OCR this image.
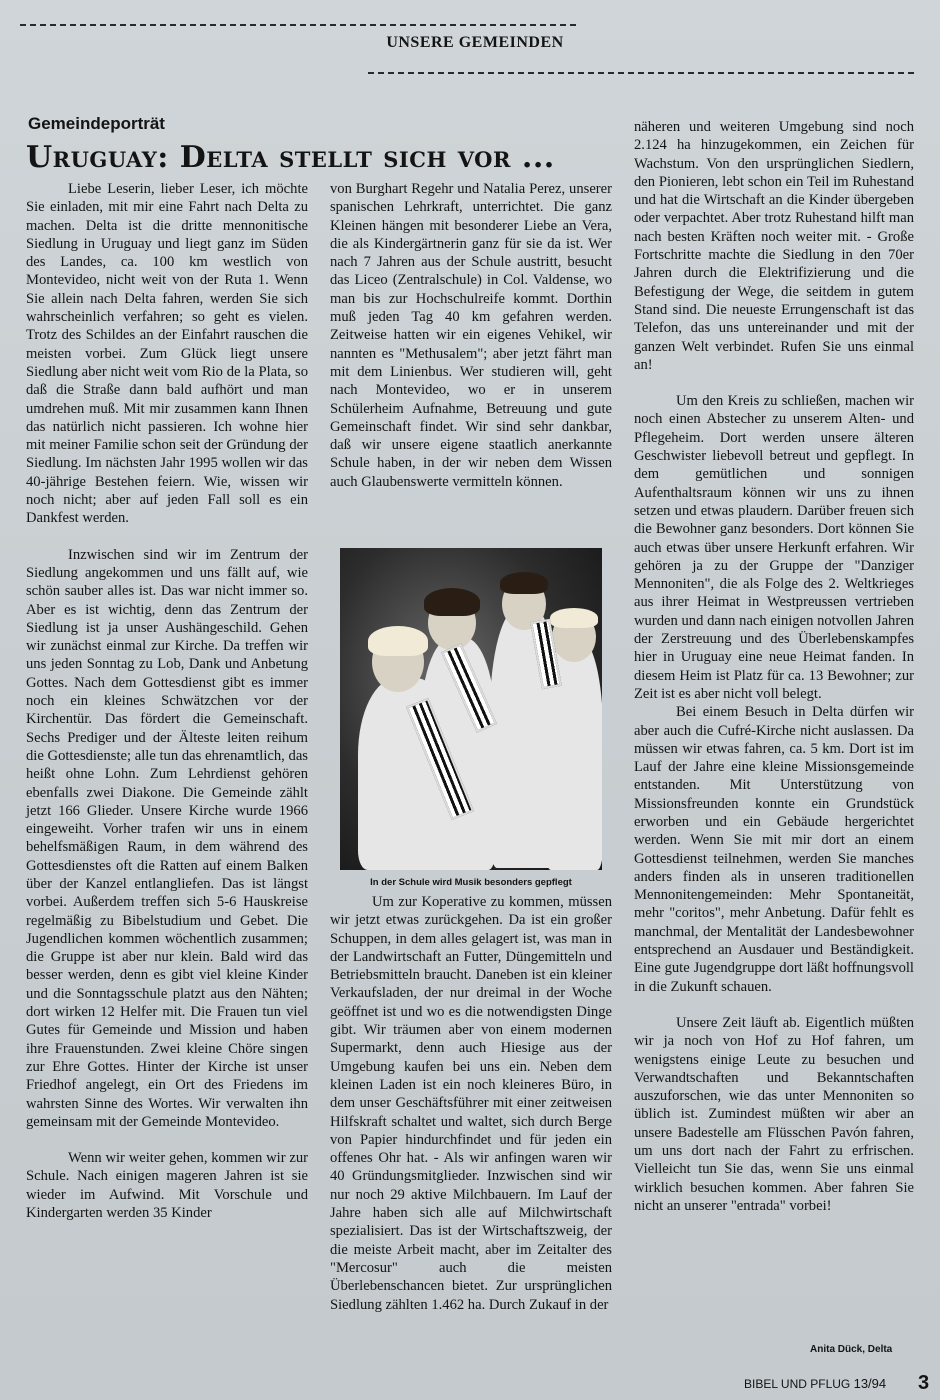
UNSERE GEMEINDEN
Gemeindeporträt
Uruguay: Delta stellt sich vor ...

Liebe Leserin, lieber Leser, ich möchte Sie einladen, mit mir eine Fahrt nach Delta zu machen. Delta ist die dritte mennonitische Siedlung in Uruguay und liegt ganz im Süden des Landes, ca. 100 km westlich von Montevideo, nicht weit von der Ruta 1. Wenn Sie allein nach Delta fahren, werden Sie sich wahrscheinlich verfahren; so geht es vielen. Trotz des Schildes an der Einfahrt rauschen die meisten vorbei. Zum Glück liegt unsere Siedlung aber nicht weit vom Rio de la Plata, so daß die Straße dann bald aufhört und man umdrehen muß. Mit mir zusammen kann Ihnen das natürlich nicht passieren. Ich wohne hier mit meiner Familie schon seit der Gründung der Siedlung. Im nächsten Jahr 1995 wollen wir das 40-jährige Bestehen feiern. Wie, wissen wir noch nicht; aber auf jeden Fall soll es ein Dankfest werden.

Inzwischen sind wir im Zentrum der Siedlung angekommen und uns fällt auf, wie schön sauber alles ist. Das war nicht immer so. Aber es ist wichtig, denn das Zentrum der Siedlung ist ja unser Aushängeschild. Gehen wir zunächst einmal zur Kirche. Da treffen wir uns jeden Sonntag zu Lob, Dank und Anbetung Gottes. Nach dem Gottesdienst gibt es immer noch ein kleines Schwätzchen vor der Kirchentür. Das fördert die Gemeinschaft. Sechs Prediger und der Älteste leiten reihum die Gottesdienste; alle tun das ehrenamtlich, das heißt ohne Lohn. Zum Lehrdienst gehören ebenfalls zwei Diakone. Die Gemeinde zählt jetzt 166 Glieder. Unsere Kirche wurde 1966 eingeweiht. Vorher trafen wir uns in einem behelfsmäßigen Raum, in dem während des Gottesdienstes oft die Ratten auf einem Balken über der Kanzel entlangliefen. Das ist längst vorbei. Außerdem treffen sich 5-6 Hauskreise regelmäßig zu Bibelstudium und Gebet. Die Jugendlichen kommen wöchentlich zusammen; die Gruppe ist aber nur klein. Bald wird das besser werden, denn es gibt viel kleine Kinder und die Sonntagsschule platzt aus den Nähten; dort wirken 12 Helfer mit. Die Frauen tun viel Gutes für Gemeinde und Mission und haben ihre Frauenstunden. Zwei kleine Chöre singen zur Ehre Gottes. Hinter der Kirche ist unser Friedhof angelegt, ein Ort des Friedens im wahrsten Sinne des Wortes. Wir verwalten ihn gemeinsam mit der Gemeinde Montevideo.

Wenn wir weiter gehen, kommen wir zur Schule. Nach einigen mageren Jahren ist sie wieder im Aufwind. Mit Vorschule und Kindergarten werden 35 Kinder

von Burghart Regehr und Natalia Perez, unserer spanischen Lehrkraft, unterrichtet. Die ganz Kleinen hängen mit besonderer Liebe an Vera, die als Kindergärtnerin ganz für sie da ist. Wer nach 7 Jahren aus der Schule austritt, besucht das Liceo (Zentralschule) in Col. Valdense, wo man bis zur Hochschulreife kommt. Dorthin muß jeden Tag 40 km gefahren werden. Zeitweise hatten wir ein eigenes Vehikel, wir nannten es "Methusalem"; aber jetzt fährt man mit dem Linienbus. Wer studieren will, geht nach Montevideo, wo er in unserem Schülerheim Aufnahme, Betreuung und gute Gemeinschaft findet. Wir sind sehr dankbar, daß wir unsere eigene staatlich anerkannte Schule haben, in der wir neben dem Wissen auch Glaubenswerte vermitteln können.

In der Schule wird Musik besonders gepflegt

Um zur Koperative zu kommen, müssen wir jetzt etwas zurückgehen. Da ist ein großer Schuppen, in dem alles gelagert ist, was man in der Landwirtschaft an Futter, Düngemitteln und Betriebsmitteln braucht. Daneben ist ein kleiner Verkaufsladen, der nur dreimal in der Woche geöffnet ist und wo es die notwendigsten Dinge gibt. Wir träumen aber von einem modernen Supermarkt, denn auch Hiesige aus der Umgebung kaufen bei uns ein. Neben dem kleinen Laden ist ein noch kleineres Büro, in dem unser Geschäftsführer mit einer zeitweisen Hilfskraft schaltet und waltet, sich durch Berge von Papier hindurchfindet und für jeden ein offenes Ohr hat. - Als wir anfingen waren wir 40 Gründungsmitglieder. Inzwischen sind wir nur noch 29 aktive Milchbauern. Im Lauf der Jahre haben sich alle auf Milchwirtschaft spezialisiert. Das ist der Wirtschaftszweig, der die meiste Arbeit macht, aber im Zeitalter des "Mercosur" auch die meisten Überlebenschancen bietet. Zur ursprünglichen Siedlung zählten 1.462 ha. Durch Zukauf in der

näheren und weiteren Umgebung sind noch 2.124 ha hinzugekommen, ein Zeichen für Wachstum. Von den ursprünglichen Siedlern, den Pionieren, lebt schon ein Teil im Ruhestand und hat die Wirtschaft an die Kinder übergeben oder verpachtet. Aber trotz Ruhestand hilft man nach besten Kräften noch weiter mit. - Große Fortschritte machte die Siedlung in den 70er Jahren durch die Elektrifizierung und die Befestigung der Wege, die seitdem in gutem Stand sind. Die neueste Errungenschaft ist das Telefon, das uns untereinander und mit der ganzen Welt verbindet. Rufen Sie uns einmal an!

Um den Kreis zu schließen, machen wir noch einen Abstecher zu unserem Alten- und Pflegeheim. Dort werden unsere älteren Geschwister liebevoll betreut und gepflegt. In dem gemütlichen und sonnigen Aufenthaltsraum können wir uns zu ihnen setzen und etwas plaudern. Darüber freuen sich die Bewohner ganz besonders. Dort können Sie auch etwas über unsere Herkunft erfahren. Wir gehören ja zu der Gruppe der "Danziger Mennoniten", die als Folge des 2. Weltkrieges aus ihrer Heimat in Westpreussen vertrieben wurden und dann nach einigen notvollen Jahren der Zerstreuung und des Überlebenskampfes hier in Uruguay eine neue Heimat fanden. In diesem Heim ist Platz für ca. 13 Bewohner; zur Zeit ist es aber nicht voll belegt.

Bei einem Besuch in Delta dürfen wir aber auch die Cufré-Kirche nicht auslassen. Da müssen wir etwas fahren, ca. 5 km. Dort ist im Lauf der Jahre eine kleine Missionsgemeinde entstanden. Mit Unterstützung von Missionsfreunden konnte ein Grundstück erworben und ein Gebäude hergerichtet werden. Wenn Sie mit mir dort an einem Gottesdienst teilnehmen, werden Sie manches anders finden als in unseren traditionellen Mennonitengemeinden: Mehr Spontaneität, mehr "coritos", mehr Anbetung. Dafür fehlt es manchmal, der Mentalität der Landesbewohner entsprechend an Ausdauer und Beständigkeit. Eine gute Jugendgruppe dort läßt hoffnungsvoll in die Zukunft schauen.

Unsere Zeit läuft ab. Eigentlich müßten wir ja noch von Hof zu Hof fahren, um wenigstens einige Leute zu besuchen und Verwandtschaften und Bekanntschaften auszuforschen, wie das unter Mennoniten so üblich ist. Zumindest müßten wir aber an unsere Badestelle am Flüsschen Pavón fahren, um uns dort nach der Fahrt zu erfrischen. Vielleicht tun Sie das, wenn Sie uns einmal wirklich besuchen kommen. Aber fahren Sie nicht an unserer "entrada" vorbei!

Anita Dück, Delta
BIBEL UND PFLUG 13/94 3
